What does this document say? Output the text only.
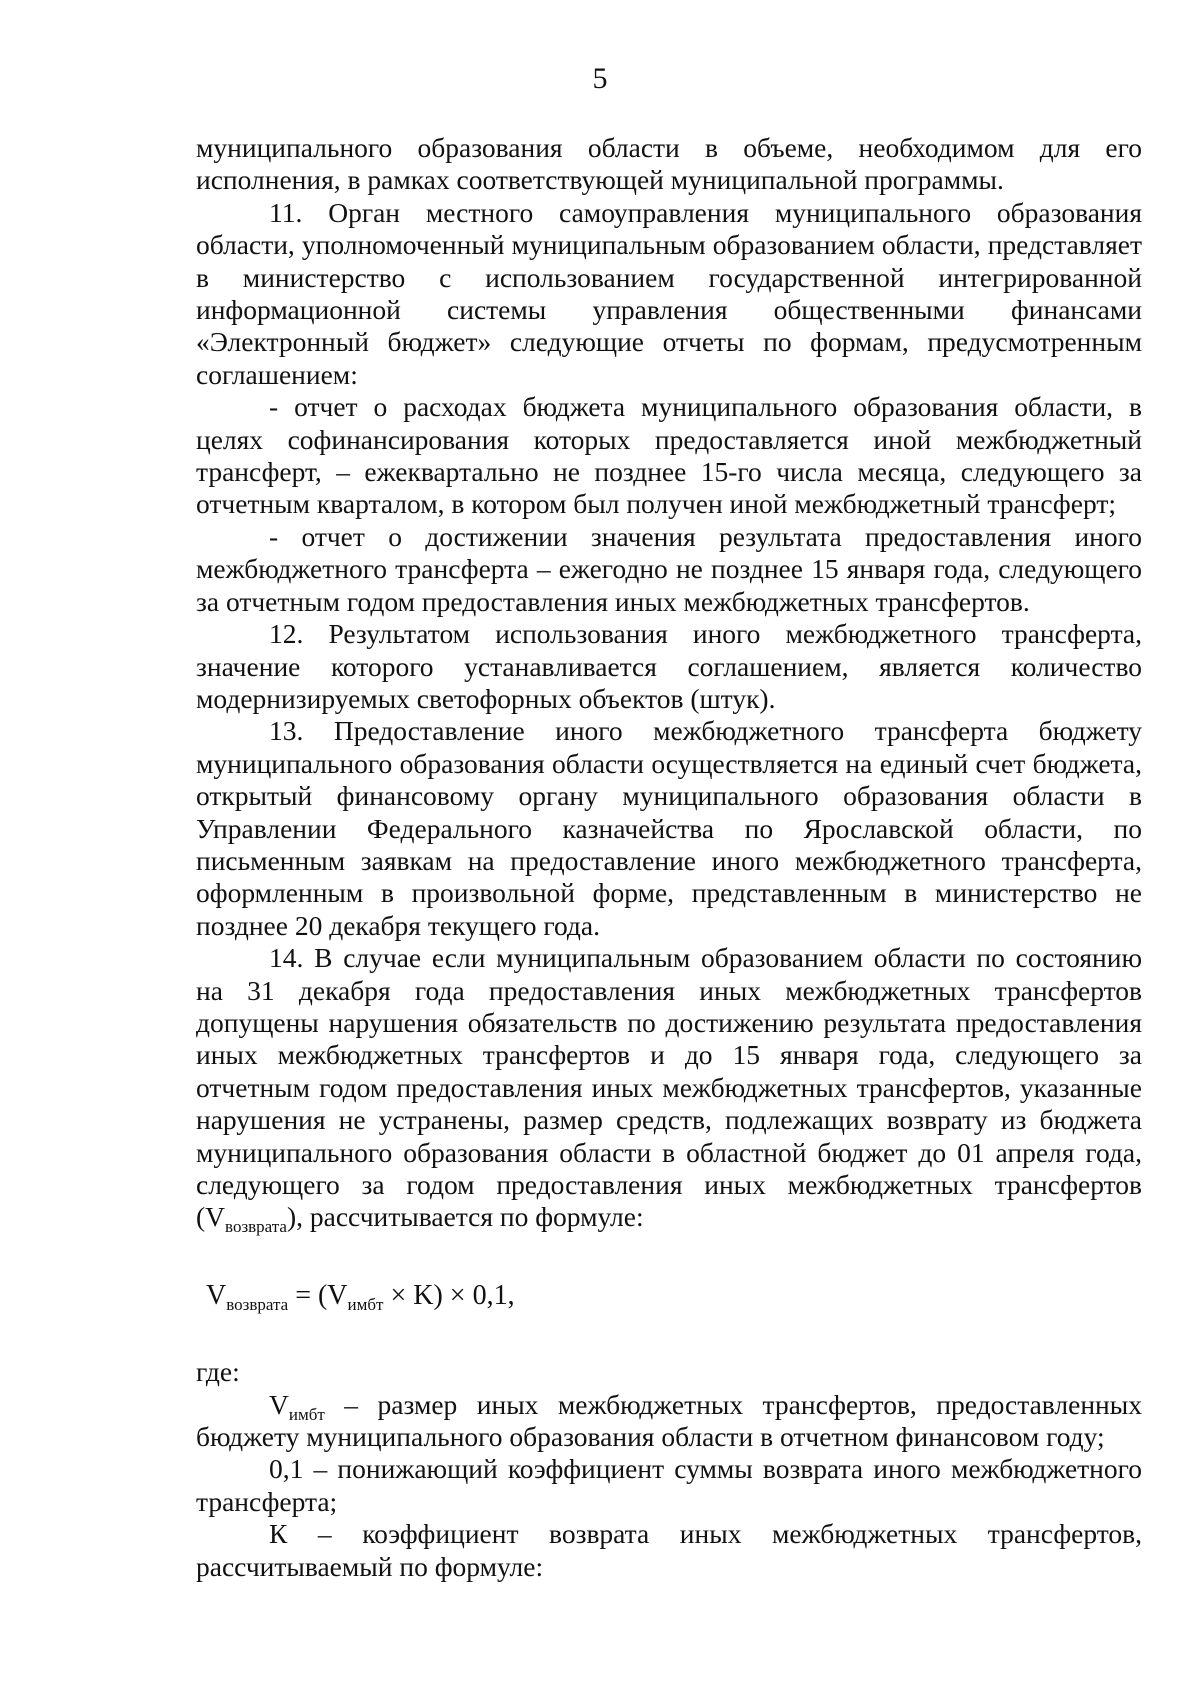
5

муниципального образования области в объеме, необходимом для его исполнения, в рамках соответствующей муниципальной программы.

11. Орган местного самоуправления муниципального образования области, уполномоченный муниципальным образованием области, представляет в министерство с использованием государственной интегрированной информационной системы управления общественными финансами «Электронный бюджет» следующие отчеты по формам, предусмотренным соглашением:

- отчет о расходах бюджета муниципального образования области, в целях софинансирования которых предоставляется иной межбюджетный трансферт, – ежеквартально не позднее 15-го числа месяца, следующего за отчетным кварталом, в котором был получен иной межбюджетный трансферт;

- отчет о достижении значения результата предоставления иного межбюджетного трансферта – ежегодно не позднее 15 января года, следующего за отчетным годом предоставления иных межбюджетных трансфертов.

12. Результатом использования иного межбюджетного трансферта, значение которого устанавливается соглашением, является количество модернизируемых светофорных объектов (штук).

13. Предоставление иного межбюджетного трансферта бюджету муниципального образования области осуществляется на единый счет бюджета, открытый финансовому органу муниципального образования области в Управлении Федерального казначейства по Ярославской области, по письменным заявкам на предоставление иного межбюджетного трансферта, оформленным в произвольной форме, представленным в министерство не позднее 20 декабря текущего года.

14. В случае если муниципальным образованием области по состоянию на 31 декабря года предоставления иных межбюджетных трансфертов допущены нарушения обязательств по достижению результата предоставления иных межбюджетных трансфертов и до 15 января года, следующего за отчетным годом предоставления иных межбюджетных трансфертов, указанные нарушения не устранены, размер средств, подлежащих возврату из бюджета муниципального образования области в областной бюджет до 01 апреля года, следующего за годом предоставления иных межбюджетных трансфертов $(V_{возврата})$, рассчитывается по формуле:

$V_{возврата} = (V_{имбт} \times K) \times 0,1$,

где:

$V_{имбт}$ – размер иных межбюджетных трансфертов, предоставленных бюджету муниципального образования области в отчетном финансовом году;

0,1 – понижающий коэффициент суммы возврата иного межбюджетного трансферта;

К – коэффициент возврата иных межбюджетных трансфертов, рассчитываемый по формуле:
